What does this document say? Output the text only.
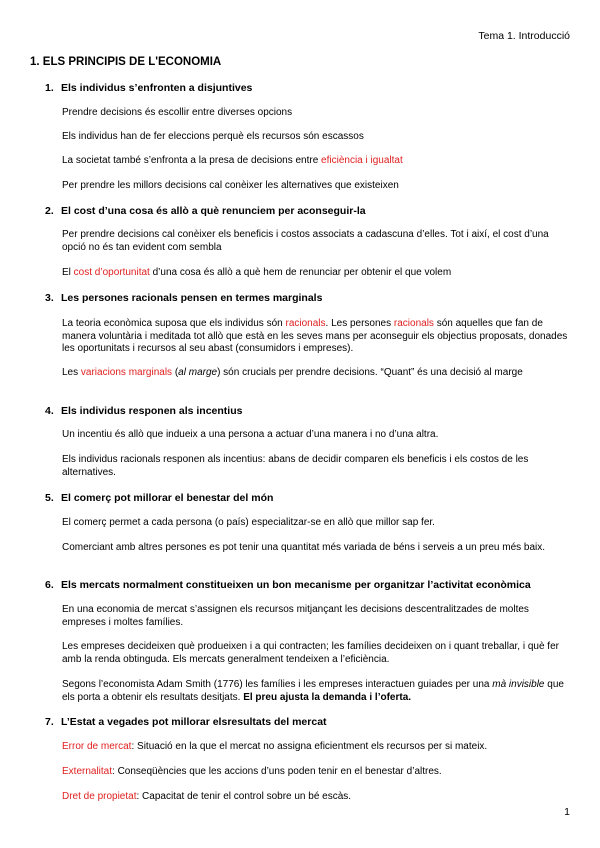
Tema 1. Introducció
1. ELS PRINCIPIS DE L'ECONOMIA
1. Els individus s’enfronten a disjuntives
Prendre decisions és escollir entre diverses opcions
Els individus han de fer eleccions perquè els recursos són escassos
La societat també s’enfronta a la presa de decisions entre eficiència i igualtat
Per prendre les millors decisions cal conèixer les alternatives que existeixen
2. El cost d’una cosa és allò a què renunciem per aconseguir-la
Per prendre decisions cal conèixer els beneficis i costos associats a cadascuna d’elles. Tot i així, el cost d’una opció no és tan evident com sembla
El cost d’oportunitat d’una cosa és allò a què hem de renunciar per obtenir el que volem
3. Les persones racionals pensen en termes marginals
La teoria econòmica suposa que els individus són racionals. Les persones racionals són aquelles que fan de manera voluntària i meditada tot allò que està en les seves mans per aconseguir els objectius proposats, donades les oportunitats i recursos al seu abast (consumidors i empreses).
Les variacions marginals (al marge) són crucials per prendre decisions. “Quant” és una decisió al marge
4. Els individus responen als incentius
Un incentiu és allò que indueix a una persona a actuar d’una manera i no d’una altra.
Els individus racionals responen als incentius: abans de decidir comparen els beneficis i els costos de les alternatives.
5. El comerç pot millorar el benestar del món
El comerç permet a cada persona (o país) especialitzar-se en allò que millor sap fer.
Comerciant amb altres persones es pot tenir una quantitat més variada de béns i serveis a un preu més baix.
6. Els mercats normalment constitueixen un bon mecanisme per organitzar l’activitat econòmica
En una economia de mercat s’assignen els recursos mitjançant les decisions descentralitzades de moltes empreses i moltes famílies.
Les empreses decideixen què produeixen i a qui contracten; les famílies decideixen on i quant treballar, i què fer amb la renda obtinguda. Els mercats generalment tendeixen a l’eficiència.
Segons l’economista Adam Smith (1776) les famílies i les empreses interactuen guiades per una mà invisible que els porta a obtenir els resultats desitjats. El preu ajusta la demanda i l’oferta.
7. L’Estat a vegades pot millorar elsresultats del mercat
Error de mercat: Situació en la que el mercat no assigna eficientment els recursos per si mateix.
Externalitat: Conseqüències que les accions d’uns poden tenir en el benestar d’altres.
Dret de propietat: Capacitat de tenir el control sobre un bé escàs.
1
